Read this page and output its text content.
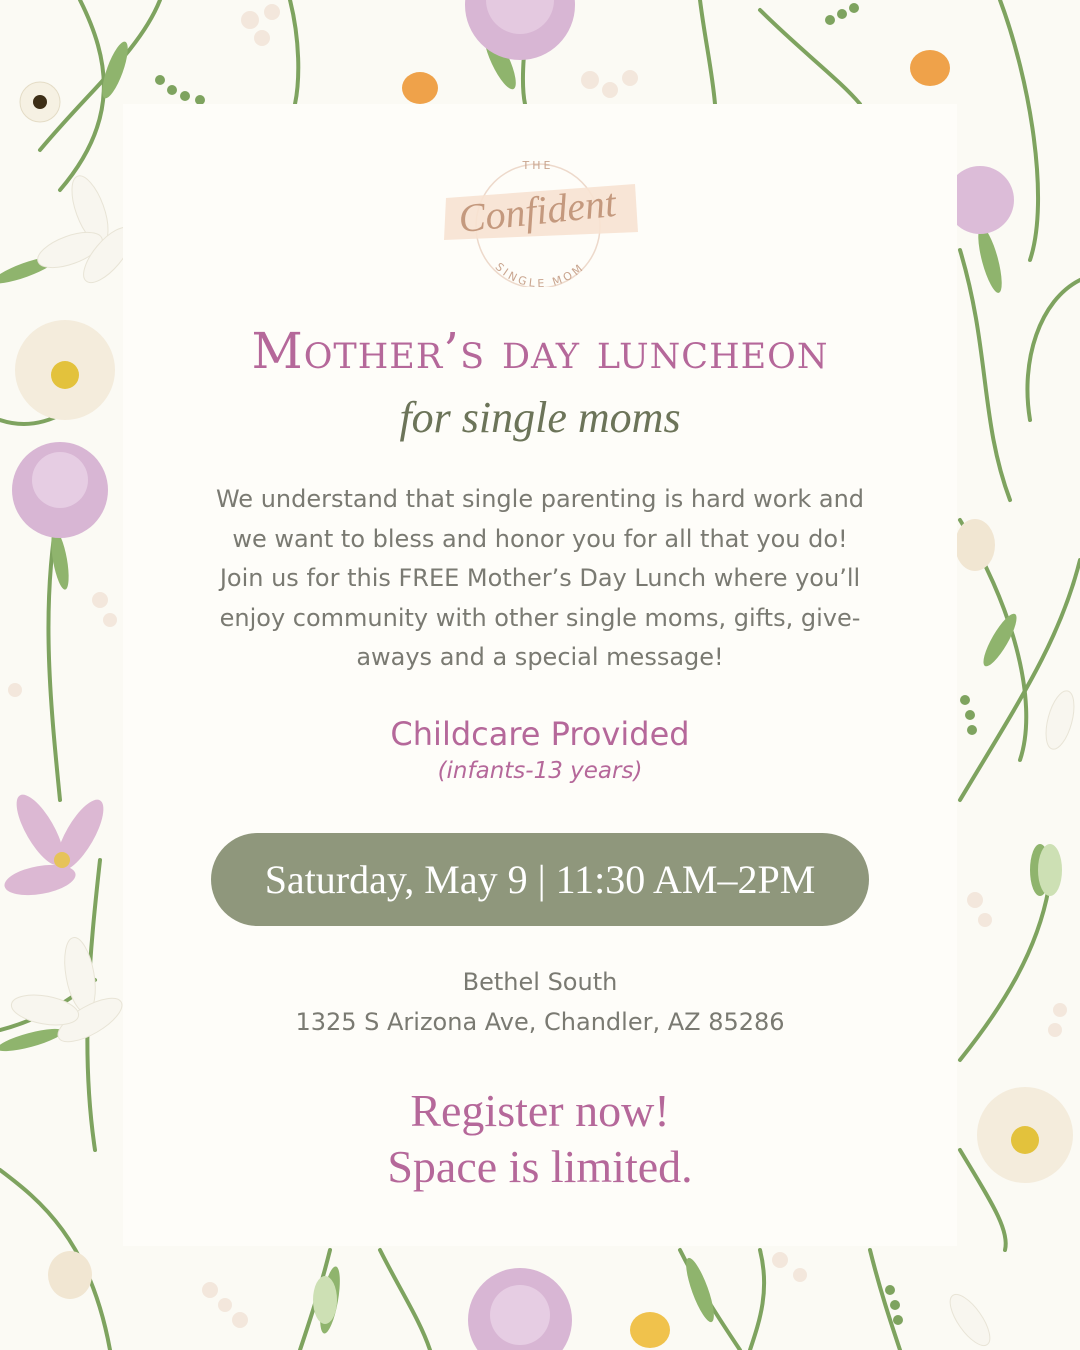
THE
Confident
SINGLE MOM
Mother’s day luncheon
for single moms
We understand that single parenting is hard work and
we want to bless and honor you for all that you do!
Join us for this FREE Mother’s Day Lunch where you’ll
enjoy community with other single moms, gifts, give-
aways and a special message!
Childcare Provided
(infants-13 years)
Saturday, May 9 | 11:30 AM–2PM
Bethel South
1325 S Arizona Ave, Chandler, AZ 85286
Register now!
Space is limited.
